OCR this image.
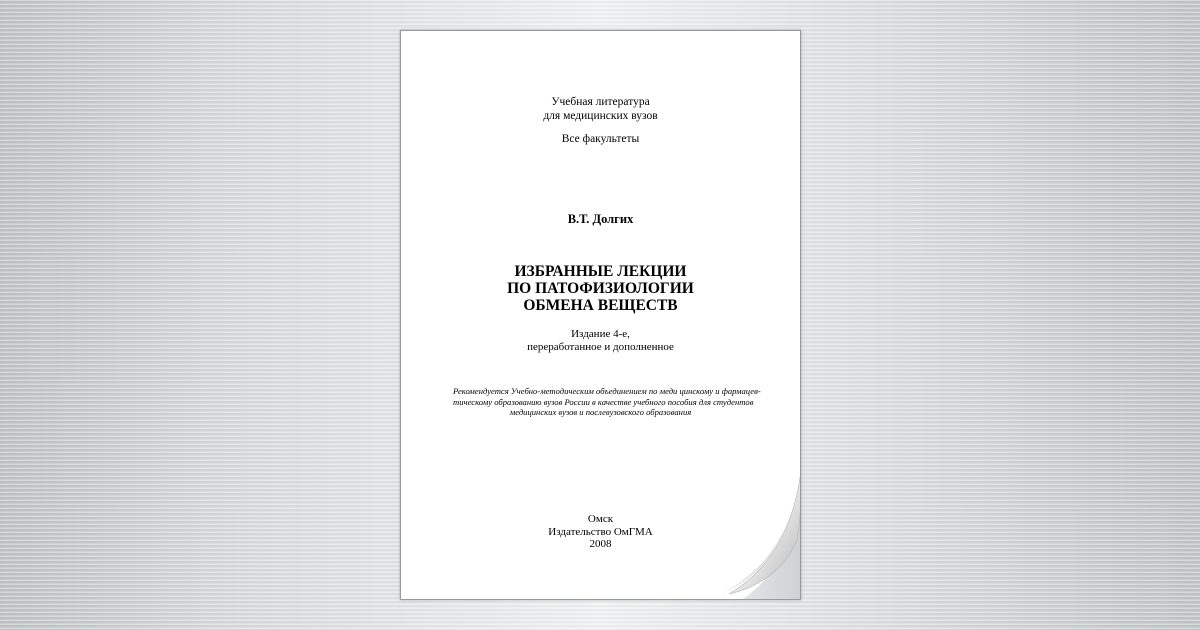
Учебная литература
для медицинских вузов
Все факультеты
В.Т. Долгих
ИЗБРАННЫЕ ЛЕКЦИИ
ПО ПАТОФИЗИОЛОГИИ
ОБМЕНА ВЕЩЕСТВ
Издание 4-е,
переработанное и дополненное
Рекомендуется Учебно-методическим объединением по меди цинскому и фармацев-
тическому образованию вузов России в качестве учебного пособия для студентов
медицинских вузов и послевузовского образования
Омск
Издательство ОмГМА
2008
